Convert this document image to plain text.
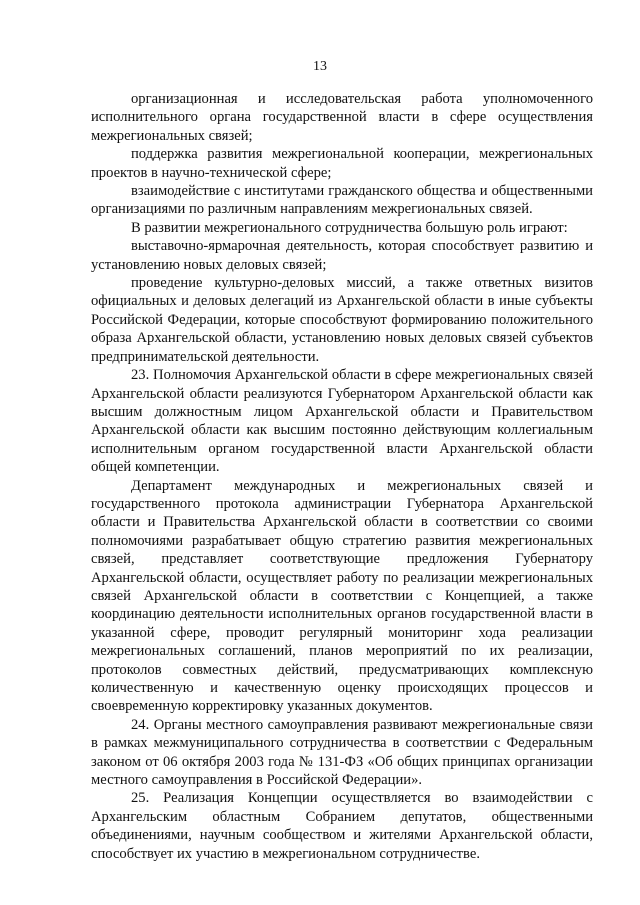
13

организационная и исследовательская работа уполномоченного исполнительного органа государственной власти в сфере осуществления межрегиональных связей;

поддержка развития межрегиональной кооперации, межрегиональных проектов в научно-технической сфере;

взаимодействие с институтами гражданского общества и общественными организациями по различным направлениям межрегиональных связей.

В развитии межрегионального сотрудничества большую роль играют:

выставочно-ярмарочная деятельность, которая способствует развитию и установлению новых деловых связей;

проведение культурно-деловых миссий, а также ответных визитов официальных и деловых делегаций из Архангельской области в иные субъекты Российской Федерации, которые способствуют формированию положительного образа Архангельской области, установлению новых деловых связей субъектов предпринимательской деятельности.

23. Полномочия Архангельской области в сфере межрегиональных связей Архангельской области реализуются Губернатором Архангельской области как высшим должностным лицом Архангельской области и Правительством Архангельской области как высшим постоянно действующим коллегиальным исполнительным органом государственной власти Архангельской области общей компетенции.

Департамент международных и межрегиональных связей и государственного протокола администрации Губернатора Архангельской области и Правительства Архангельской области в соответствии со своими полномочиями разрабатывает общую стратегию развития межрегиональных связей, представляет соответствующие предложения Губернатору Архангельской области, осуществляет работу по реализации межрегиональных связей Архангельской области в соответствии с Концепцией, а также координацию деятельности исполнительных органов государственной власти в указанной сфере, проводит регулярный мониторинг хода реализации межрегиональных соглашений, планов мероприятий по их реализации, протоколов совместных действий, предусматривающих комплексную количественную и качественную оценку происходящих процессов и своевременную корректировку указанных документов.

24. Органы местного самоуправления развивают межрегиональные связи в рамках межмуниципального сотрудничества в соответствии с Федеральным законом от 06 октября 2003 года № 131-ФЗ «Об общих принципах организации местного самоуправления в Российской Федерации».

25. Реализация Концепции осуществляется во взаимодействии с Архангельским областным Собранием депутатов, общественными объединениями, научным сообществом и жителями Архангельской области, способствует их участию в межрегиональном сотрудничестве.
